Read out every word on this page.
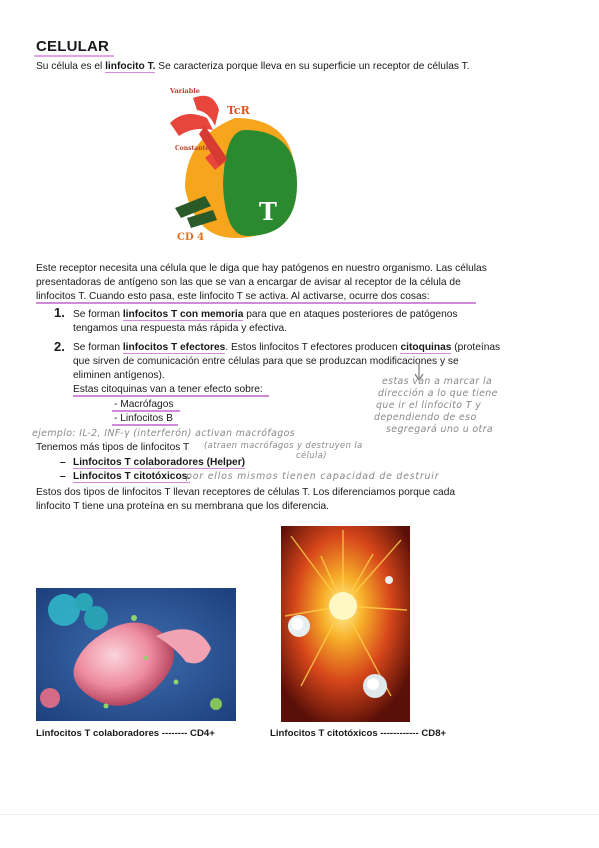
CELULAR
Su célula es el linfocito T. Se caracteriza porque lleva en su superficie un receptor de células T.
Variable
TcR
Constante
T
CD 4
Este receptor necesita una célula que le diga que hay patógenos en nuestro organismo. Las células
presentadoras de antígeno son las que se van a encargar de avisar al receptor de la célula de
linfocitos T. Cuando esto pasa, este linfocito T se activa. Al activarse, ocurre dos cosas:
1. Se forman linfocitos T con memoria para que en ataques posteriores de patógenos
tengamos una respuesta más rápida y efectiva.
2. Se forman linfocitos T efectores. Estos linfocitos T efectores producen citoquinas (proteínas
que sirven de comunicación entre células para que se produzcan modificaciones y se
eliminen antígenos).
Estas citoquinas van a tener efecto sobre:
- Macrófagos
- Linfocitos B
estas van a marcar la
dirección a lo que tiene
que ir el linfocito T y
dependiendo de eso
segregará uno u otra
ejemplo: IL-2, INF-γ (interferón) activan macrófagos
(atraen macrófagos y destruyen la
célula)
Tenemos más tipos de linfocitos T
– Linfocitos T colaboradores (Helper)
– Linfocitos T citotóxicos.
por ellos mismos tienen capacidad de destruir
Estos dos tipos de linfocitos T llevan receptores de células T. Los diferenciamos porque cada
linfocito T tiene una proteína en su membrana que los diferencia.
Linfocitos T colaboradores -------- CD4+	Linfocitos T citotóxicos ------------ CD8+
